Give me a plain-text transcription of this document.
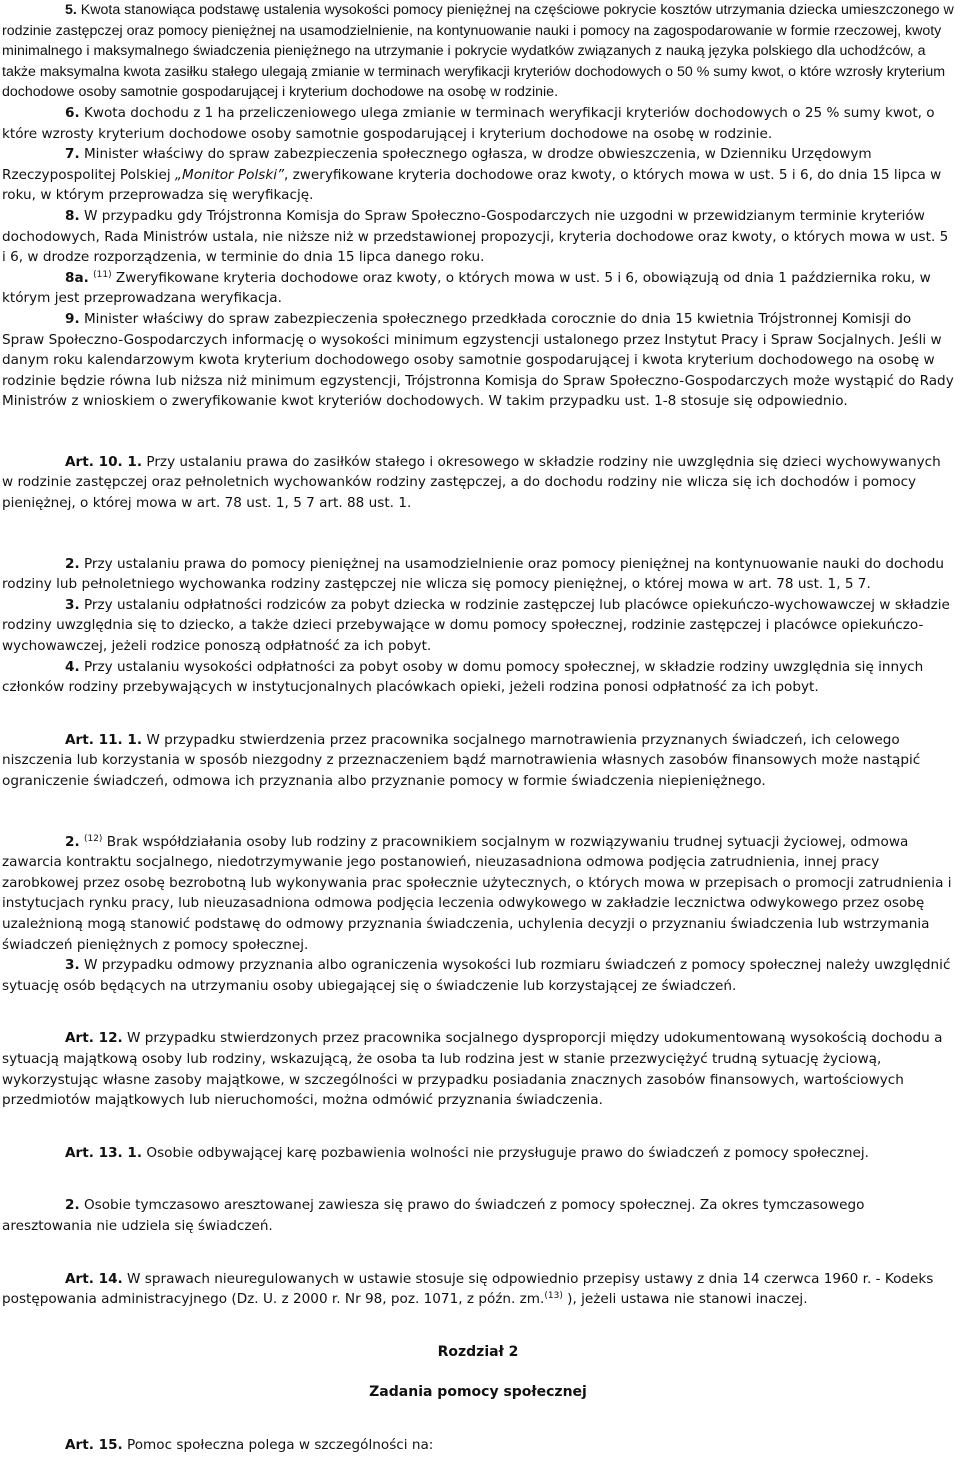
5. Kwota stanowiąca podstawę ustalenia wysokości pomocy pieniężnej na częściowe pokrycie kosztów utrzymania dziecka umieszczonego w rodzinie zastępczej oraz pomocy pieniężnej na usamodzielnienie, na kontynuowanie nauki i pomocy na zagospodarowanie w formie rzeczowej, kwoty minimalnego i maksymalnego świadczenia pieniężnego na utrzymanie i pokrycie wydatków związanych z nauką języka polskiego dla uchodźców, a także maksymalna kwota zasiłku stałego ulegają zmianie w terminach weryfikacji kryteriów dochodowych o 50 % sumy kwot, o które wzrosły kryterium dochodowe osoby samotnie gospodarującej i kryterium dochodowe na osobę w rodzinie.

6. Kwota dochodu z 1 ha przeliczeniowego ulega zmianie w terminach weryfikacji kryteriów dochodowych o 25 % sumy kwot, o które wzrosty kryterium dochodowe osoby samotnie gospodarującej i kryterium dochodowe na osobę w rodzinie.

7. Minister właściwy do spraw zabezpieczenia społecznego ogłasza, w drodze obwieszczenia, w Dzienniku Urzędowym Rzeczypospolitej Polskiej „Monitor Polski”, zweryfikowane kryteria dochodowe oraz kwoty, o których mowa w ust. 5 i 6, do dnia 15 lipca w roku, w którym przeprowadza się weryfikację.

8. W przypadku gdy Trójstronna Komisja do Spraw Społeczno-Gospodarczych nie uzgodni w przewidzianym terminie kryteriów dochodowych, Rada Ministrów ustala, nie niższe niż w przedstawionej propozycji, kryteria dochodowe oraz kwoty, o których mowa w ust. 5 i 6, w drodze rozporządzenia, w terminie do dnia 15 lipca danego roku.

8a. $^{(11)}$ Zweryfikowane kryteria dochodowe oraz kwoty, o których mowa w ust. 5 i 6, obowiązują od dnia 1 października roku, w którym jest przeprowadzana weryfikacja.

9. Minister właściwy do spraw zabezpieczenia społecznego przedkłada corocznie do dnia 15 kwietnia Trójstronnej Komisji do Spraw Społeczno-Gospodarczych informację o wysokości minimum egzystencji ustalonego przez Instytut Pracy i Spraw Socjalnych. Jeśli w danym roku kalendarzowym kwota kryterium dochodowego osoby samotnie gospodarującej i kwota kryterium dochodowego na osobę w rodzinie będzie równa lub niższa niż minimum egzystencji, Trójstronna Komisja do Spraw Społeczno-Gospodarczych może wystąpić do Rady Ministrów z wnioskiem o zweryfikowanie kwot kryteriów dochodowych. W takim przypadku ust. 1-8 stosuje się odpowiednio.

Art. 10. 1. Przy ustalaniu prawa do zasiłków stałego i okresowego w składzie rodziny nie uwzględnia się dzieci wychowywanych w rodzinie zastępczej oraz pełnoletnich wychowanków rodziny zastępczej, a do dochodu rodziny nie wlicza się ich dochodów i pomocy pieniężnej, o której mowa w art. 78 ust. 1, 5 7 art. 88 ust. 1.

2. Przy ustalaniu prawa do pomocy pieniężnej na usamodzielnienie oraz pomocy pieniężnej na kontynuowanie nauki do dochodu rodziny lub pełnoletniego wychowanka rodziny zastępczej nie wlicza się pomocy pieniężnej, o której mowa w art. 78 ust. 1, 5 7.

3. Przy ustalaniu odpłatności rodziców za pobyt dziecka w rodzinie zastępczej lub placówce opiekuńczo-wychowawczej w składzie rodziny uwzględnia się to dziecko, a także dzieci przebywające w domu pomocy społecznej, rodzinie zastępczej i placówce opiekuńczo-wychowawczej, jeżeli rodzice ponoszą odpłatność za ich pobyt.

4. Przy ustalaniu wysokości odpłatności za pobyt osoby w domu pomocy społecznej, w składzie rodziny uwzględnia się innych członków rodziny przebywających w instytucjonalnych placówkach opieki, jeżeli rodzina ponosi odpłatność za ich pobyt.

Art. 11. 1. W przypadku stwierdzenia przez pracownika socjalnego marnotrawienia przyznanych świadczeń, ich celowego niszczenia lub korzystania w sposób niezgodny z przeznaczeniem bądź marnotrawienia własnych zasobów finansowych może nastąpić ograniczenie świadczeń, odmowa ich przyznania albo przyznanie pomocy w formie świadczenia niepieniężnego.

2. $^{(12)}$ Brak współdziałania osoby lub rodziny z pracownikiem socjalnym w rozwiązywaniu trudnej sytuacji życiowej, odmowa zawarcia kontraktu socjalnego, niedotrzymywanie jego postanowień, nieuzasadniona odmowa podjęcia zatrudnienia, innej pracy zarobkowej przez osobę bezrobotną lub wykonywania prac społecznie użytecznych, o których mowa w przepisach o promocji zatrudnienia i instytucjach rynku pracy, lub nieuzasadniona odmowa podjęcia leczenia odwykowego w zakładzie lecznictwa odwykowego przez osobę uzależnioną mogą stanowić podstawę do odmowy przyznania świadczenia, uchylenia decyzji o przyznaniu świadczenia lub wstrzymania świadczeń pieniężnych z pomocy społecznej.

3. W przypadku odmowy przyznania albo ograniczenia wysokości lub rozmiaru świadczeń z pomocy społecznej należy uwzględnić sytuację osób będących na utrzymaniu osoby ubiegającej się o świadczenie lub korzystającej ze świadczeń.

Art. 12. W przypadku stwierdzonych przez pracownika socjalnego dysproporcji między udokumentowaną wysokością dochodu a sytuacją majątkową osoby lub rodziny, wskazującą, że osoba ta lub rodzina jest w stanie przezwyciężyć trudną sytuację życiową, wykorzystując własne zasoby majątkowe, w szczególności w przypadku posiadania znacznych zasobów finansowych, wartościowych przedmiotów majątkowych lub nieruchomości, można odmówić przyznania świadczenia.

Art. 13. 1. Osobie odbywającej karę pozbawienia wolności nie przysługuje prawo do świadczeń z pomocy społecznej.

2. Osobie tymczasowo aresztowanej zawiesza się prawo do świadczeń z pomocy społecznej. Za okres tymczasowego aresztowania nie udziela się świadczeń.

Art. 14. W sprawach nieuregulowanych w ustawie stosuje się odpowiednio przepisy ustawy z dnia 14 czerwca 1960 r. - Kodeks postępowania administracyjnego (Dz. U. z 2000 r. Nr 98, poz. 1071, z późn. zm.$^{(13)}$ ), jeżeli ustawa nie stanowi inaczej.

Rozdział 2

Zadania pomocy społecznej

Art. 15. Pomoc społeczna polega w szczególności na:
